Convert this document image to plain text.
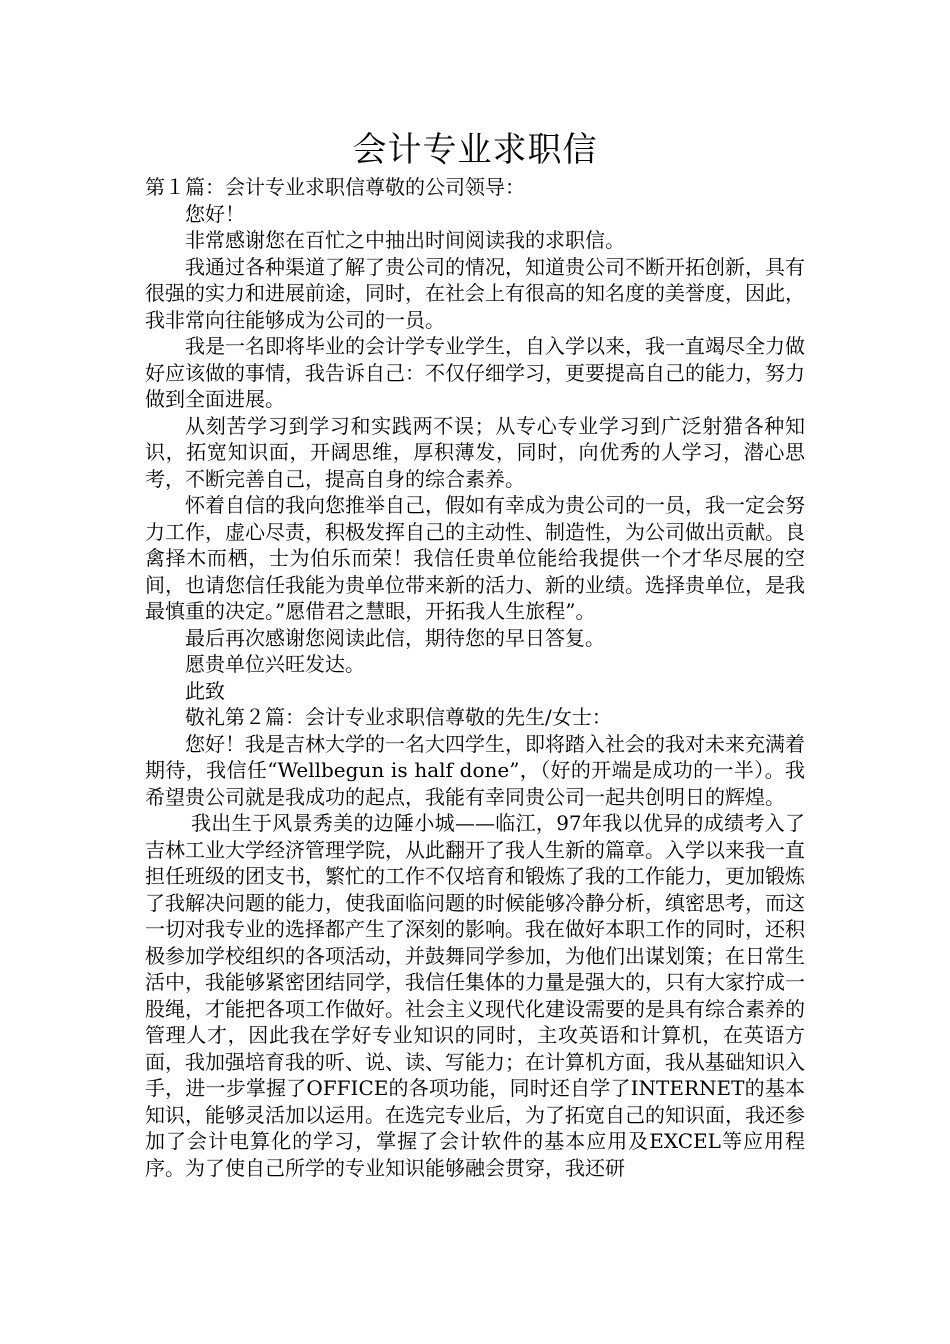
会计专业求职信

第１篇：会计专业求职信尊敬的公司领导：

您好！

非常感谢您在百忙之中抽出时间阅读我的求职信。

我通过各种渠道了解了贵公司的情况，知道贵公司不断开拓创新，具有很强的实力和进展前途，同时，在社会上有很高的知名度的美誉度，因此，我非常向往能够成为公司的一员。

我是一名即将毕业的会计学专业学生，自入学以来，我一直竭尽全力做好应该做的事情，我告诉自己：不仅仔细学习，更要提高自己的能力，努力做到全面进展。

从刻苦学习到学习和实践两不误；从专心专业学习到广泛射猎各种知识，拓宽知识面，开阔思维，厚积薄发，同时，向优秀的人学习，潜心思考，不断完善自己，提高自身的综合素养。

怀着自信的我向您推举自己，假如有幸成为贵公司的一员，我一定会努力工作，虚心尽责，积极发挥自己的主动性、制造性，为公司做出贡献。良禽择木而栖，士为伯乐而荣！我信任贵单位能给我提供一个才华尽展的空间，也请您信任我能为贵单位带来新的活力、新的业绩。选择贵单位，是我最慎重的决定。”愿借君之慧眼，开拓我人生旅程”。

最后再次感谢您阅读此信，期待您的早日答复。

愿贵单位兴旺发达。

此致

敬礼第２篇：会计专业求职信尊敬的先生/女士：

您好！我是吉林大学的一名大四学生，即将踏入社会的我对未来充满着期待，我信任“Wellbegun is half done”，（好的开端是成功的一半）。我希望贵公司就是我成功的起点，我能有幸同贵公司一起共创明日的辉煌。

我出生于风景秀美的边陲小城——临江，97年我以优异的成绩考入了吉林工业大学经济管理学院，从此翻开了我人生新的篇章。入学以来我一直担任班级的团支书，繁忙的工作不仅培育和锻炼了我的工作能力，更加锻炼了我解决问题的能力，使我面临问题的时候能够冷静分析，缜密思考，而这一切对我专业的选择都产生了深刻的影响。我在做好本职工作的同时，还积极参加学校组织的各项活动，并鼓舞同学参加，为他们出谋划策；在日常生活中，我能够紧密团结同学，我信任集体的力量是强大的，只有大家拧成一股绳，才能把各项工作做好。社会主义现代化建设需要的是具有综合素养的管理人才，因此我在学好专业知识的同时，主攻英语和计算机，在英语方面，我加强培育我的听、说、读、写能力；在计算机方面，我从基础知识入手，进一步掌握了OFFICE的各项功能，同时还自学了INTERNET的基本知识，能够灵活加以运用。在选完专业后，为了拓宽自己的知识面，我还参加了会计电算化的学习，掌握了会计软件的基本应用及EXCEL等应用程序。为了使自己所学的专业知识能够融会贯穿，我还研
